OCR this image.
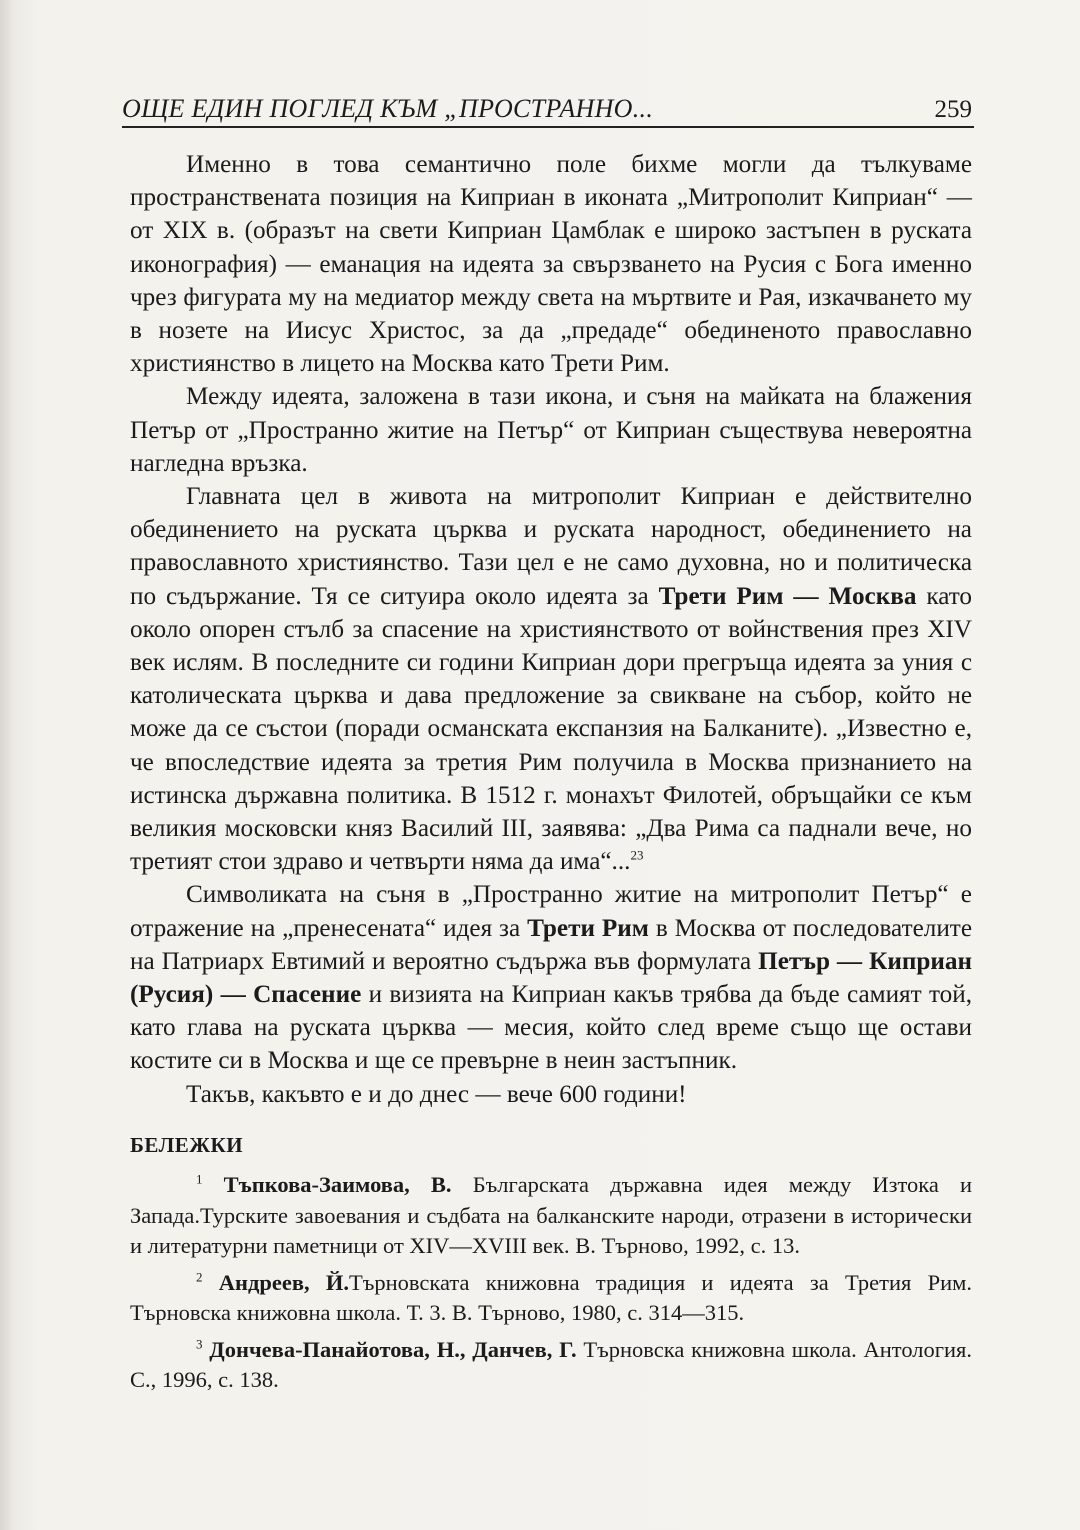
ОЩЕ ЕДИН ПОГЛЕД КЪМ „ПРОСТРАННО...	259

Именно в това семантично поле бихме могли да тълкуваме пространствената позиция на Киприан в иконата „Митрополит Киприан“ — от XIX в. (образът на свети Киприан Цамблак е широко застъпен в руската иконография) — еманация на идеята за свързването на Русия с Бога именно чрез фигурата му на медиатор между света на мъртвите и Рая, изкачването му в нозете на Иисус Христос, за да „предаде“ обединеното православно християнство в лицето на Москва като Трети Рим.

Между идеята, заложена в тази икона, и съня на майката на блажения Петър от „Пространно житие на Петър“ от Киприан съществува невероятна нагледна връзка.

Главната цел в живота на митрополит Киприан е действително обединението на руската църква и руската народност, обединението на православното християнство. Тази цел е не само духовна, но и политическа по съдържание. Тя се ситуира около идеята за Трети Рим — Москва като около опорен стълб за спасение на християнството от войнствения през XIV век ислям. В последните си години Киприан дори прегръща идеята за уния с католическата църква и дава предложение за свикване на събор, който не може да се състои (поради османската експанзия на Балканите). „Известно е, че впоследствие идеята за третия Рим получила в Москва признанието на истинска държавна политика. В 1512 г. монахът Филотей, обръщайки се към великия московски княз Василий III, заявява: „Два Рима са паднали вече, но третият стои здраво и четвърти няма да има“...$^{23}$

Символиката на съня в „Пространно житие на митрополит Петър“ е отражение на „пренесената“ идея за Трети Рим в Москва от последователите на Патриарх Евтимий и вероятно съдържа във формулата Петър — Киприан (Русия) — Спасение и визията на Киприан какъв трябва да бъде самият той, като глава на руската църква — месия, който след време също ще остави костите си в Москва и ще се превърне в неин застъпник.

Такъв, какъвто е и до днес — вече 600 години!

БЕЛЕЖКИ

$^1$ Тъпкова-Заимова, В. Българската държавна идея между Изтока и Запада.Турските завоевания и съдбата на балканските народи, отразени в исторически и литературни паметници от XIV—XVIII век. В. Търново, 1992, с. 13.

$^2$ Андреев, Й.Търновската книжовна традиция и идеята за Третия Рим. Търновска книжовна школа. Т. 3. В. Търново, 1980, с. 314—315.

$^3$ Дончева-Панайотова, Н., Данчев, Г. Търновска книжовна школа. Антология. С., 1996, с. 138.
